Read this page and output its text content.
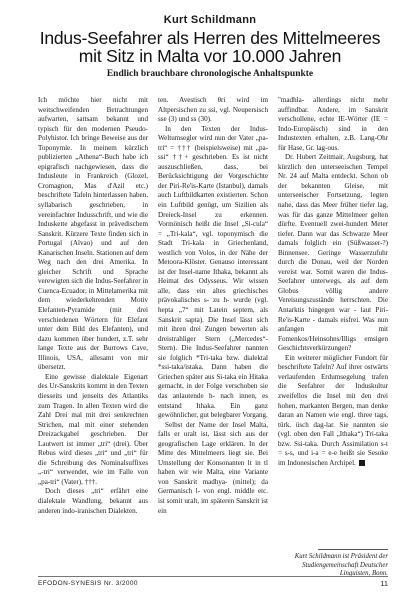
Kurt Schildmann
Indus-Seefahrer als Herren des Mittelmeeres
mit Sitz in Malta vor 10.000 Jahren
Endlich brauchbare chronologische Anhaltspunkte

Ich möchte hier nicht mit weitschweifenden Betrachtungen aufwarten, sattsam bekannt und typisch für den modernen Pseudo-Polyhistor. Ich bringe Beweise aus der Toponymie. In meinem kürzlich publizierten „Athena“-Buch habe ich epigrafisch nachgewiesen, dass die Indusleute in Frankreich (Glozel, Cromagnon, Mas d'Azil etc.) beschriftete Tafeln hinterlassen haben, syllabarisch geschrieben, in vereinfachter Indusschrift, und wie die Induskette abgefasst in prävedischem Sanskrit. Kürzere Texte finden sich in Portugal (Alvao) und auf den Kanarischen Inseln. Stationen auf dem Weg nach den drei Amerika. In gleicher Schrift und Sprache verewigten sich die Indus-Seefahrer in Cuenca-Ecuador, in Mittelamerika mit dem wiederkehrenden Motiv Elefanten-Pyramide (mit drei verschiedenen Wörtern für Elefant unter dem Bild des Elefanten), und dazu kommen über hundert, z.T. sehr lange Texte aus der Burrows Cave, Illinois, USA, allesamt von mir übersetzt.

Eine gewisse dialektale Eigenart des Ur-Sanskrits kommt in den Texten diesseits und jenseits des Atlantiks zum Tragen. In allen Texten wird die Zahl Drei mal mit drei senkrechten Strichen, mal mit einer stehenden Dreizackgabel geschrieben. Der Lautwert ist immer „tri“ (drei). Über Rebus wird dieses „tri“ und „tri“ für die Schreibung des Nominalsuffixes „-tri“ verwendet, wie im Falle von „pa-tri“ (Vater), †††.

Doch dieses „tri“ erfährt eine dialektale Wandlung, bekannt aus anderen indo-iranischen Dialekten.

ten. Avestisch θri wird im Altpersischen zu ssi, vgl. Neupersisch sse (3) und ss (30).

In den Texten der Indus-Weltumsegler wird nun der Vater „pa-tri“ = ††† (beispielsweise) mit „pa-ssi“ ††+ geschrieben. Es ist nicht auszuschließen, dass, bei Berücksichtigung der Vorgeschichte der Piri-Re'is-Karte (Istanbul), damals auch Luftbildkarten existierten. Schon ein Luftbild genügt, um Sizilien als Dreieck-Insel zu erkennen. Vormönisch heißt die Insel „Si-cula“ = „Tri-kala“, vgl. toponymisch die Stadt Tri-kala in Griechenland, westlich von Volos, in der Nähe der Metoora-Klöster. Genauso interessant ist der Insel-name Ithaka, bekannt als Heimat des Odysseus. Wir wissen alle, dass ein altes griechisches prävokalisches s- zu h- wurde (vgl. hepta „7“ mit Latein septem, als Sanskrit sapta). Die Insel lässt sich mit ihren drei Zungen bewerten als dreistrahliger Stern („Mercedes“-Stern). Die Indus-Seefahrer nannten sie folglich *Tri-taka bzw. dialektal *ssi-taka/istaka. Dann haben die Griechen später aus Si-taka ein Hitaka gemacht, in der Folge verschoben sie das anlautende h- nach innen, es entstand Ithaka. Ein ganz gewöhnlicher, gut belegbarer Vorgang.

Selbst der Name der Insel Malta, falls er uralt ist, lässt sich aus der geografischen Lage erklären. In der Mitte des Mittelmeers liegt sie. Bei Umstellung der Konsonanten lt in tl haben wir wie Malta, eine Variante von Sanskrit madhya- (mittel); da Germanisch l- von engl. middle etc. ist somit uralt, im späteren Sanskrit ist ein

"madhla- allerdings nicht mehr auffindbar. Andere, im Sanskrit verschollene, echte IE-Wörter (IE = Indo-Europäisch) sind in den Industexten erhalten, z.B. Lang-Ohr für Hase, Gr. lag-ous.

Dr. Hubert Zeitmair, Augsburg, hat kürzlich den unterseeischen Tempel Nr. 24 auf Malta entdeckt. Schon ob der bekannten Gleise, mit unterseeischer Fortsetzung, legten nahe, dass das Meer früher tiefer lag, was für das ganze Mittelmeer gelten dürfte. Eventuell zwei-hundert Meter tiefer. Dann war das Schwarze Meer damals folglich ein (Süßwasser-?) Binnensee. Geringe Wasserzufuhr durch die Donau, weil der Norden vereist war. Somit waren die Indus-Seefahrer unterwegs, als auf dem Globus völlig andere Vereisungszustände herrschten. Die Antarktis hingegen war - laut Piri-Re'is-Karte - damals eisfrei. Was nun anfangen mit Fomenkos/Heinsohns/Illigs emsigen Geschichtsverkürzungen?

Ein weiterer möglicher Fundort für beschriftete Tafeln? Auf ihrer ostwärts verlaufenden Erdumsegelung trafen die Seefahrer der Induskultur zweifellos die Insel mit den drei hohen, markanten Bergen, man denke daran an Namen wie engl. three tags, türk. üsch dag-lar. Sie nannten sie (vgl. oben den Fall „Ithaka“) Tri-taka bzw. Ssi-taka. Durch Assimilation s-t = s-s, und i-a = e-e heißt sie Sesoke im Indonesischen Archipel.

Kurt Schildmann ist Präsident der Studiengemeinschaft Deutscher Linguisten, Bonn.
EFODON-SYNESIS Nr. 3/2000	11
